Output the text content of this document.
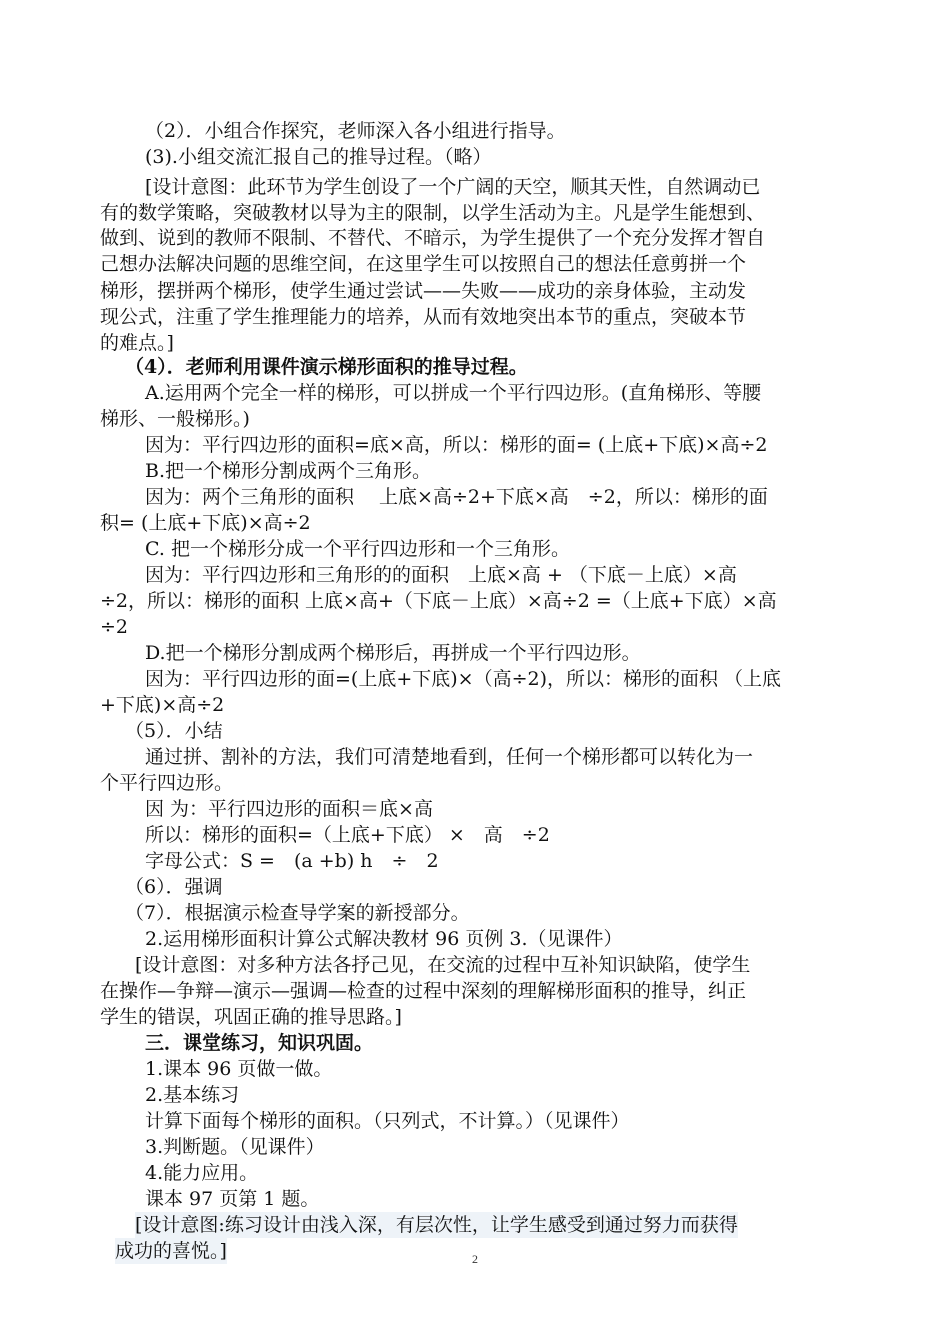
（2）．小组合作探究，老师深入各小组进行指导。
(3).小组交流汇报自己的推导过程。（略）
[设计意图：此环节为学生创设了一个广阔的天空，顺其天性，自然调动已
有的数学策略，突破教材以导为主的限制，以学生活动为主。凡是学生能想到、
做到、说到的教师不限制、不替代、不暗示，为学生提供了一个充分发挥才智自
己想办法解决问题的思维空间，在这里学生可以按照自己的想法任意剪拼一个
梯形，摆拼两个梯形，使学生通过尝试——失败——成功的亲身体验，主动发
现公式，注重了学生推理能力的培养，从而有效地突出本节的重点，突破本节
的难点。]
（4）．老师利用课件演示梯形面积的推导过程。
A.运用两个完全一样的梯形，可以拼成一个平行四边形。(直角梯形、等腰
梯形、一般梯形。)
因为：平行四边形的面积=底×高，所以：梯形的面= (上底+下底)×高÷2
B.把一个梯形分割成两个三角形。
因为：两个三角形的面积　 上底×高÷2+下底×高　÷2，所以：梯形的面
积= (上底+下底)×高÷2
C. 把一个梯形分成一个平行四边形和一个三角形。
因为：平行四边形和三角形的的面积　上底×高 + （下底－上底）×高
÷2，所以：梯形的面积 上底×高+（下底－上底）×高÷2 =（上底+下底）×高
÷2
D.把一个梯形分割成两个梯形后，再拼成一个平行四边形。
因为：平行四边形的面=(上底+下底)×（高÷2)，所以：梯形的面积 （上底
+下底)×高÷2
（5）．小结
通过拼、割补的方法，我们可清楚地看到，任何一个梯形都可以转化为一
个平行四边形。
因 为：平行四边形的面积＝底×高
所以：梯形的面积=（上底+下底） ×　高　÷2
字母公式：S =　(a +b) h　÷　2
（6）．强调
（7）．根据演示检查导学案的新授部分。
2.运用梯形面积计算公式解决教材 96 页例 3.（见课件）
[设计意图：对多种方法各抒己见，在交流的过程中互补知识缺陷，使学生
在操作—争辩—演示—强调—检查的过程中深刻的理解梯形面积的推导，纠正
学生的错误，巩固正确的推导思路。]
三．课堂练习，知识巩固。
1.课本 96 页做一做。
2.基本练习
计算下面每个梯形的面积。（只列式，不计算。）（见课件）
3.判断题。（见课件）
4.能力应用。
课本 97 页第 1 题。
[设计意图:练习设计由浅入深，有层次性，让学生感受到通过努力而获得
成功的喜悦。]	2
